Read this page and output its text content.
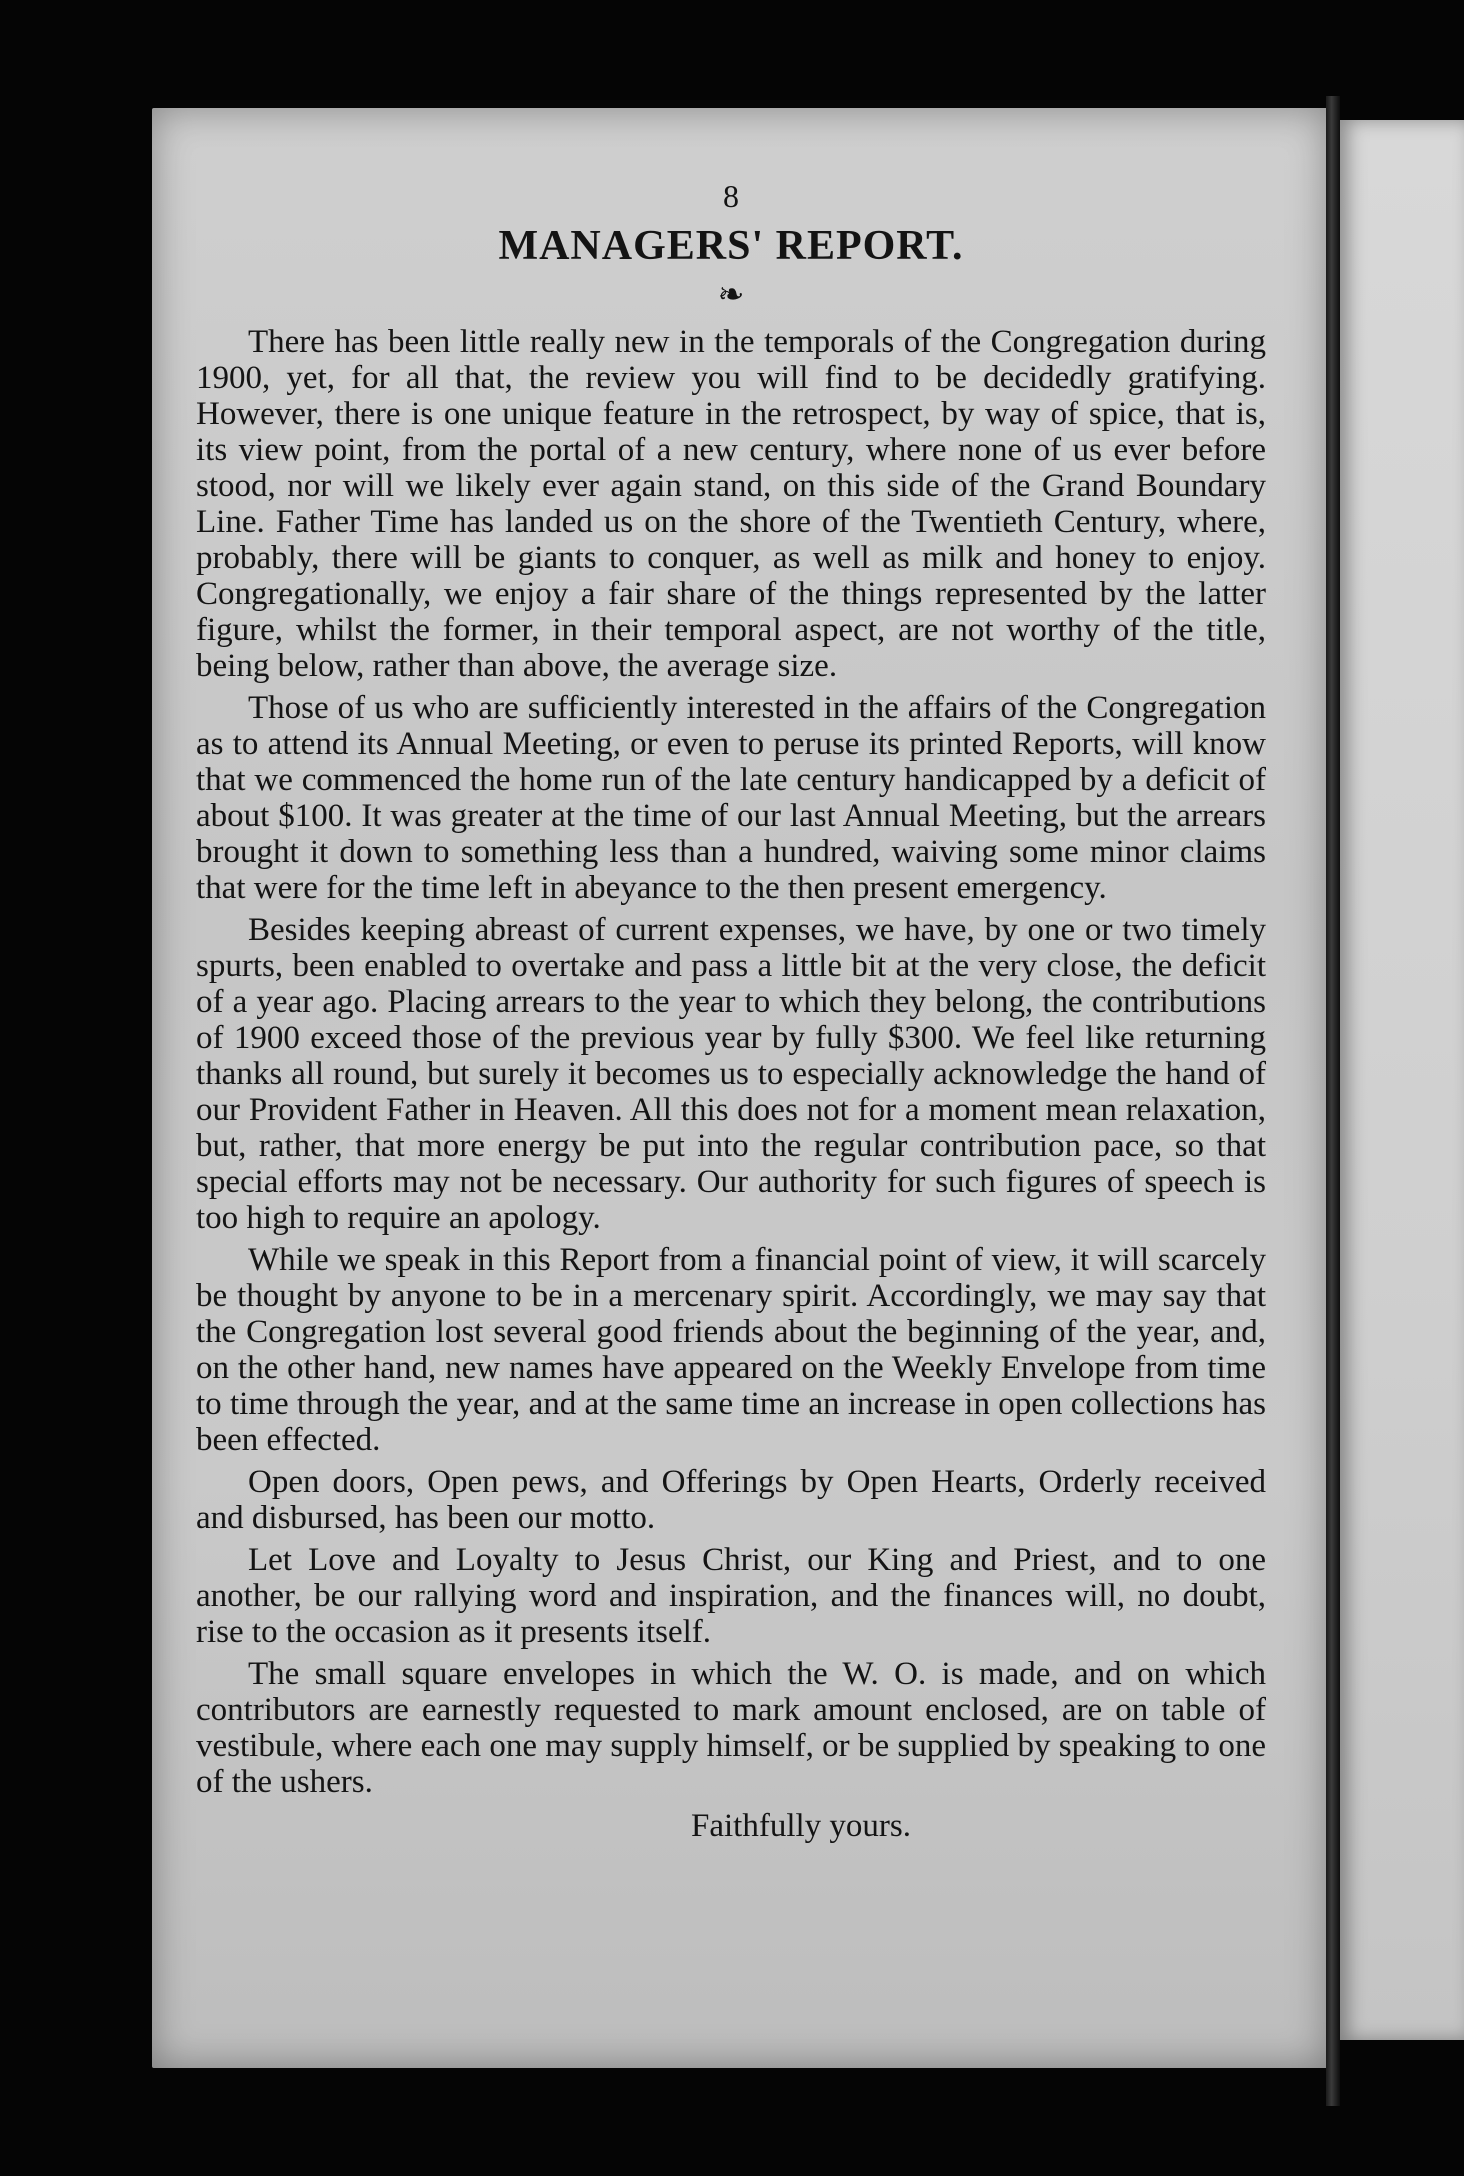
8
MANAGERS' REPORT.
❧

There has been little really new in the temporals of the Congregation during 1900, yet, for all that, the review you will find to be decidedly gratifying. However, there is one unique feature in the retrospect, by way of spice, that is, its view point, from the portal of a new century, where none of us ever before stood, nor will we likely ever again stand, on this side of the Grand Boundary Line. Father Time has landed us on the shore of the Twentieth Century, where, probably, there will be giants to conquer, as well as milk and honey to enjoy. Congregationally, we enjoy a fair share of the things represented by the latter figure, whilst the former, in their temporal aspect, are not worthy of the title, being below, rather than above, the average size.

Those of us who are sufficiently interested in the affairs of the Congregation as to attend its Annual Meeting, or even to peruse its printed Reports, will know that we commenced the home run of the late century handicapped by a deficit of about $100. It was greater at the time of our last Annual Meeting, but the arrears brought it down to something less than a hundred, waiving some minor claims that were for the time left in abeyance to the then present emergency.

Besides keeping abreast of current expenses, we have, by one or two timely spurts, been enabled to overtake and pass a little bit at the very close, the deficit of a year ago. Placing arrears to the year to which they belong, the contributions of 1900 exceed those of the previous year by fully $300. We feel like returning thanks all round, but surely it becomes us to especially acknowledge the hand of our Provident Father in Heaven. All this does not for a moment mean relaxation, but, rather, that more energy be put into the regular contribution pace, so that special efforts may not be necessary. Our authority for such figures of speech is too high to require an apology.

While we speak in this Report from a financial point of view, it will scarcely be thought by anyone to be in a mercenary spirit. Accordingly, we may say that the Congregation lost several good friends about the beginning of the year, and, on the other hand, new names have appeared on the Weekly Envelope from time to time through the year, and at the same time an increase in open collections has been effected.

Open doors, Open pews, and Offerings by Open Hearts, Orderly received and disbursed, has been our motto.

Let Love and Loyalty to Jesus Christ, our King and Priest, and to one another, be our rallying word and inspiration, and the finances will, no doubt, rise to the occasion as it presents itself.

The small square envelopes in which the W. O. is made, and on which contributors are earnestly requested to mark amount enclosed, are on table of vestibule, where each one may supply himself, or be supplied by speaking to one of the ushers.

Faithfully yours.
